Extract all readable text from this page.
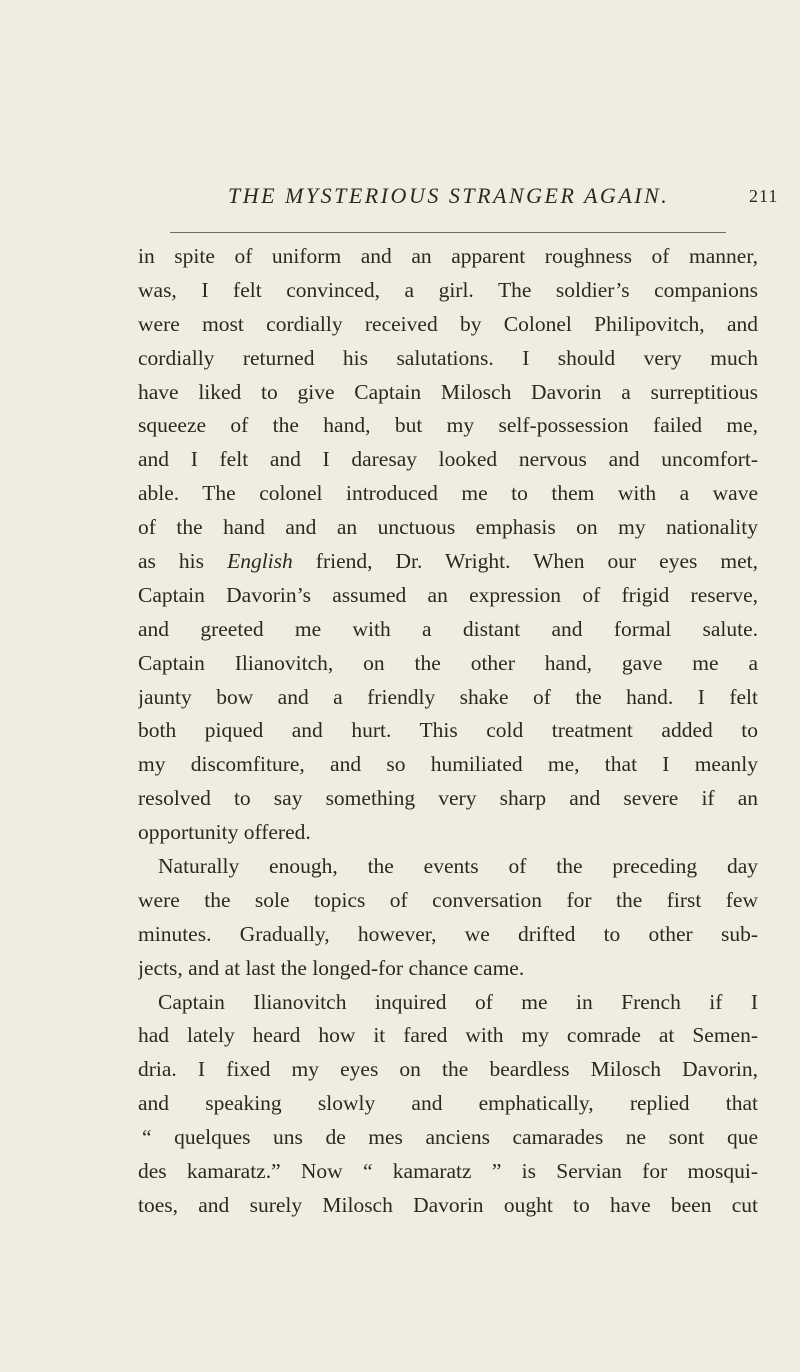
THE MYSTERIOUS STRANGER AGAIN.	211
in spite of uniform and an apparent roughness of manner,
was, I felt convinced, a girl. The soldier’s companions
were most cordially received by Colonel Philipovitch, and
cordially returned his salutations. I should very much
have liked to give Captain Milosch Davorin a surreptitious
squeeze of the hand, but my self-possession failed me,
and I felt and I daresay looked nervous and uncomfort-
able. The colonel introduced me to them with a wave
of the hand and an unctuous emphasis on my nationality
as his English friend, Dr. Wright. When our eyes met,
Captain Davorin’s assumed an expression of frigid reserve,
and greeted me with a distant and formal salute.
Captain Ilianovitch, on the other hand, gave me a
jaunty bow and a friendly shake of the hand. I felt
both piqued and hurt. This cold treatment added to
my discomfiture, and so humiliated me, that I meanly
resolved to say something very sharp and severe if an
opportunity offered.
Naturally enough, the events of the preceding day
were the sole topics of conversation for the first few
minutes. Gradually, however, we drifted to other sub-
jects, and at last the longed-for chance came.
Captain Ilianovitch inquired of me in French if I
had lately heard how it fared with my comrade at Semen-
dria. I fixed my eyes on the beardless Milosch Davorin,
and speaking slowly and emphatically, replied that
“ quelques uns de mes anciens camarades ne sont que
des kamaratz.” Now “ kamaratz ” is Servian for mosqui-
toes, and surely Milosch Davorin ought to have been cut
